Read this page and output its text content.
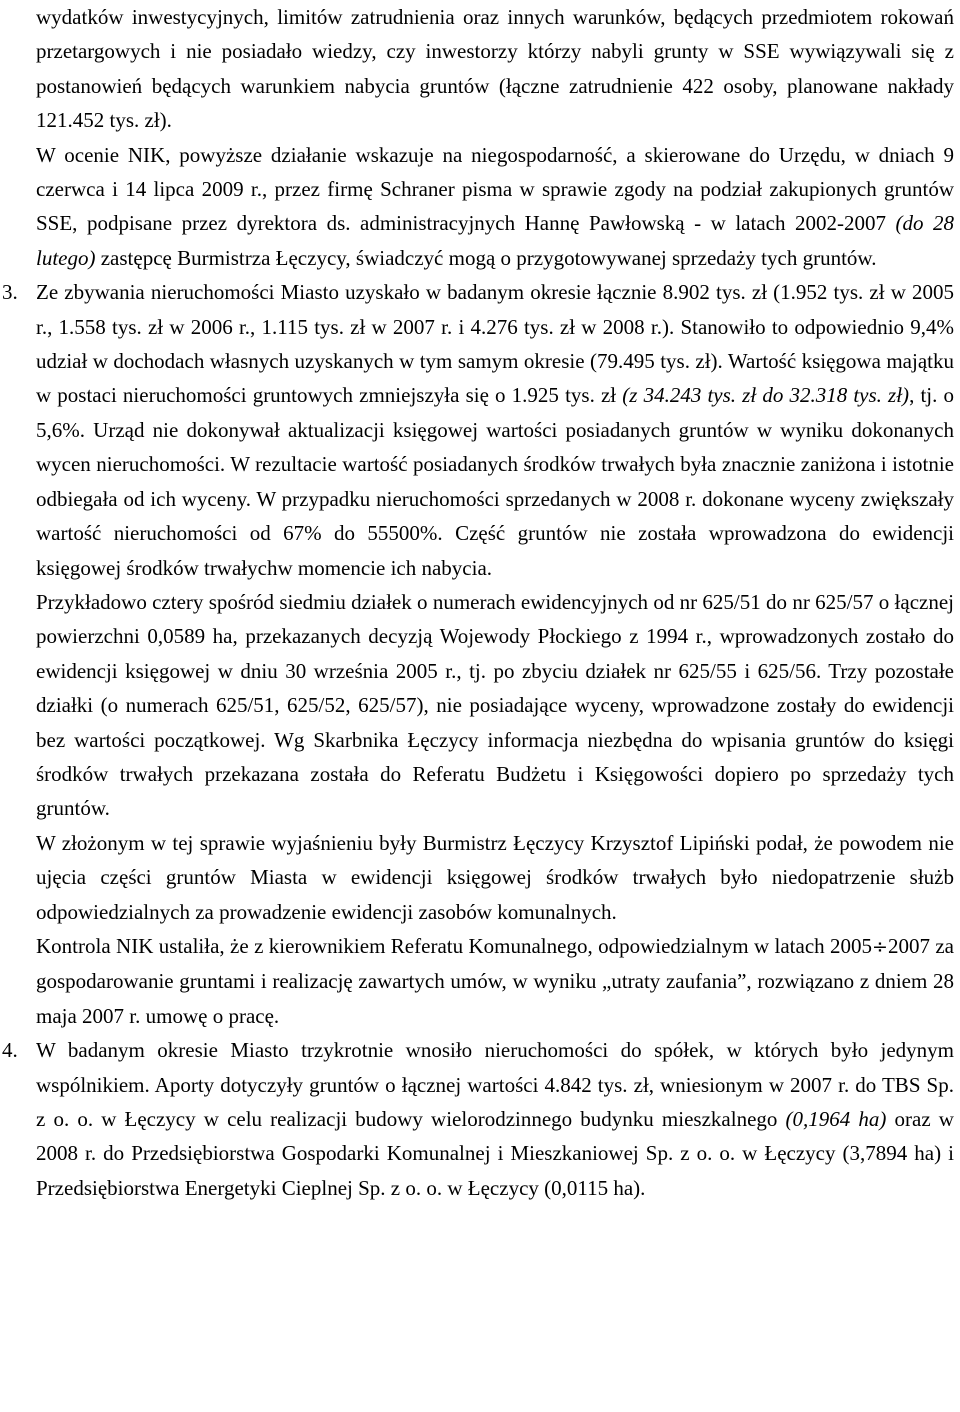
wydatków inwestycyjnych, limitów zatrudnienia oraz innych warunków, będących przedmiotem rokowań przetargowych i nie posiadało wiedzy, czy inwestorzy którzy nabyli grunty w SSE wywiązywali się z postanowień będących warunkiem nabycia gruntów (łączne zatrudnienie 422 osoby, planowane nakłady 121.452 tys. zł).

W ocenie NIK, powyższe działanie wskazuje na niegospodarność, a skierowane do Urzędu, w dniach 9 czerwca i 14 lipca 2009 r., przez firmę Schraner pisma w sprawie zgody na podział zakupionych gruntów SSE, podpisane przez dyrektora ds. administracyjnych Hannę Pawłowską - w latach 2002-2007 (do 28 lutego) zastępcę Burmistrza Łęczycy, świadczyć mogą o przygotowywanej sprzedaży tych gruntów.

3. Ze zbywania nieruchomości Miasto uzyskało w badanym okresie łącznie 8.902 tys. zł (1.952 tys. zł w 2005 r., 1.558 tys. zł w 2006 r., 1.115 tys. zł w 2007 r. i 4.276 tys. zł w 2008 r.). Stanowiło to odpowiednio 9,4% udział w dochodach własnych uzyskanych w tym samym okresie (79.495 tys. zł). Wartość księgowa majątku w postaci nieruchomości gruntowych zmniejszyła się o 1.925 tys. zł (z 34.243 tys. zł do 32.318 tys. zł), tj. o 5,6%. Urząd nie dokonywał aktualizacji księgowej wartości posiadanych gruntów w wyniku dokonanych wycen nieruchomości. W rezultacie wartość posiadanych środków trwałych była znacznie zaniżona i istotnie odbiegała od ich wyceny. W przypadku nieruchomości sprzedanych w 2008 r. dokonane wyceny zwiększały wartość nieruchomości od 67% do 55500%. Część gruntów nie została wprowadzona do ewidencji księgowej środków trwałychw momencie ich nabycia.

Przykładowo cztery spośród siedmiu działek o numerach ewidencyjnych od nr 625/51 do nr 625/57 o łącznej powierzchni 0,0589 ha, przekazanych decyzją Wojewody Płockiego z 1994 r., wprowadzonych zostało do ewidencji księgowej w dniu 30 września 2005 r., tj. po zbyciu działek nr 625/55 i 625/56. Trzy pozostałe działki (o numerach 625/51, 625/52, 625/57), nie posiadające wyceny, wprowadzone zostały do ewidencji bez wartości początkowej. Wg Skarbnika Łęczycy informacja niezbędna do wpisania gruntów do księgi środków trwałych przekazana została do Referatu Budżetu i Księgowości dopiero po sprzedaży tych gruntów.

W złożonym w tej sprawie wyjaśnieniu były Burmistrz Łęczycy Krzysztof Lipiński podał, że powodem nie ujęcia części gruntów Miasta w ewidencji księgowej środków trwałych było niedopatrzenie służb odpowiedzialnych za prowadzenie ewidencji zasobów komunalnych.

Kontrola NIK ustaliła, że z kierownikiem Referatu Komunalnego, odpowiedzialnym w latach 2005÷2007 za gospodarowanie gruntami i realizację zawartych umów, w wyniku „utraty zaufania”, rozwiązano z dniem 28 maja 2007 r. umowę o pracę.

4. W badanym okresie Miasto trzykrotnie wnosiło nieruchomości do spółek, w których było jedynym wspólnikiem. Aporty dotyczyły gruntów o łącznej wartości 4.842 tys. zł, wniesionym w 2007 r. do TBS Sp. z o. o. w Łęczycy w celu realizacji budowy wielorodzinnego budynku mieszkalnego (0,1964 ha) oraz w 2008 r. do Przedsiębiorstwa Gospodarki Komunalnej i Mieszkaniowej Sp. z o. o. w Łęczycy (3,7894 ha) i Przedsiębiorstwa Energetyki Cieplnej Sp. z o. o. w Łęczycy (0,0115 ha).
